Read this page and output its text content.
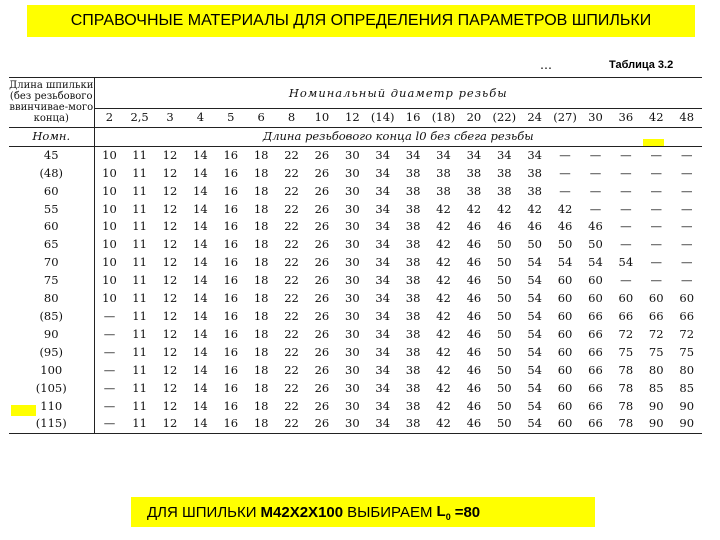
СПРАВОЧНЫЕ МАТЕРИАЛЫ ДЛЯ ОПРЕДЕЛЕНИЯ ПАРАМЕТРОВ ШПИЛЬКИ
…	Таблица 3.2
Длина шпильки (без резьбового ввинчивае-мого конца)	Номинальный диаметр резьбы																			
	2	2,5	3	4	5	6	8	10	12	(14)	16	(18)	20	(22)	24	(27)	30	36	42	48
Номн.	Длина резьбового конца l0 без сбега резьбы																			
45	10	11	12	14	16	18	22	26	30	34	34	34	34	34	34	—	—	—	—	—
(48)	10	11	12	14	16	18	22	26	30	34	38	38	38	38	38	—	—	—	—	—
60	10	11	12	14	16	18	22	26	30	34	38	38	38	38	38	—	—	—	—	—
55	10	11	12	14	16	18	22	26	30	34	38	42	42	42	42	42	—	—	—	—
60	10	11	12	14	16	18	22	26	30	34	38	42	46	46	46	46	46	—	—	—
65	10	11	12	14	16	18	22	26	30	34	38	42	46	50	50	50	50	—	—	—
70	10	11	12	14	16	18	22	26	30	34	38	42	46	50	54	54	54	54	—	—
75	10	11	12	14	16	18	22	26	30	34	38	42	46	50	54	60	60	—	—	—
80	10	11	12	14	16	18	22	26	30	34	38	42	46	50	54	60	60	60	60	60
(85)	—	11	12	14	16	18	22	26	30	34	38	42	46	50	54	60	66	66	66	66
90	—	11	12	14	16	18	22	26	30	34	38	42	46	50	54	60	66	72	72	72
(95)	—	11	12	14	16	18	22	26	30	34	38	42	46	50	54	60	66	75	75	75
100	—	11	12	14	16	18	22	26	30	34	38	42	46	50	54	60	66	78	80	80
(105)	—	11	12	14	16	18	22	26	30	34	38	42	46	50	54	60	66	78	85	85
110	—	11	12	14	16	18	22	26	30	34	38	42	46	50	54	60	66	78	90	90
(115)	—	11	12	14	16	18	22	26	30	34	38	42	46	50	54	60	66	78	90	90
ДЛЯ ШПИЛЬКИ М42Х2Х100 ВЫБИРАЕМ $L_0 =80$
